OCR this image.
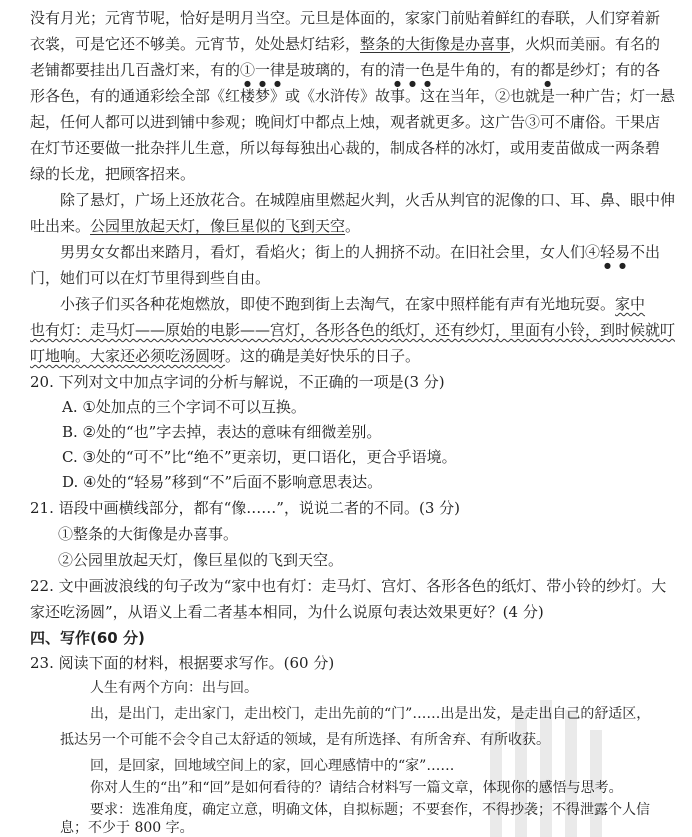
没有月光；元宵节呢，恰好是明月当空。元旦是体面的，家家门前贴着鲜红的春联，人们穿着新
衣裳，可是它还不够美。元宵节，处处悬灯结彩，整条的大街像是办喜事，火炽而美丽。有名的
老铺都要挂出几百盏灯来，有的①一律是玻璃的，有的清一色是牛角的，有的都是纱灯；有的各
形各色，有的通通彩绘全部《红楼梦》或《水浒传》故事。这在当年，②也就是一种广告；灯一悬
起，任何人都可以进到铺中参观；晚间灯中都点上烛，观者就更多。这广告③可不庸俗。干果店
在灯节还要做一批杂拌儿生意，所以每每独出心裁的，制成各样的冰灯，或用麦苗做成一两条碧
绿的长龙，把顾客招来。
除了悬灯，广场上还放花合。在城隍庙里燃起火判，火舌从判官的泥像的口、耳、鼻、眼中伸
吐出来。公园里放起天灯，像巨星似的飞到天空。
男男女女都出来踏月，看灯，看焰火；街上的人拥挤不动。在旧社会里，女人们④轻易不出
门，她们可以在灯节里得到些自由。
小孩子们买各种花炮燃放，即使不跑到街上去淘气，在家中照样能有声有光地玩耍。家中
也有灯：走马灯——原始的电影——宫灯，各形各色的纸灯，还有纱灯，里面有小铃，到时候就叮
叮地响。大家还必须吃汤圆呀。这的确是美好快乐的日子。
20. 下列对文中加点字词的分析与解说，不正确的一项是(3 分)
A. ①处加点的三个字词不可以互换。
B. ②处的“也”字去掉，表达的意味有细微差别。
C. ③处的“可不”比“绝不”更亲切，更口语化，更合乎语境。
D. ④处的“轻易”移到“不”后面不影响意思表达。
21. 语段中画横线部分，都有“像……”，说说二者的不同。(3 分)
①整条的大街像是办喜事。
②公园里放起天灯，像巨星似的飞到天空。
22. 文中画波浪线的句子改为“家中也有灯：走马灯、宫灯、各形各色的纸灯、带小铃的纱灯。大
家还吃汤圆”，从语义上看二者基本相同，为什么说原句表达效果更好？(4 分)
四、写作(60 分)
23. 阅读下面的材料，根据要求写作。(60 分)
人生有两个方向：出与回。
出，是出门，走出家门，走出校门，走出先前的“门”……出是出发，是走出自己的舒适区，
抵达另一个可能不会令自己太舒适的领域，是有所选择、有所舍弃、有所收获。
回，是回家，回地域空间上的家，回心理感情中的“家”……
你对人生的“出”和“回”是如何看待的？请结合材料写一篇文章，体现你的感悟与思考。
要求：选准角度，确定立意，明确文体，自拟标题；不要套作，不得抄袭；不得泄露个人信
息；不少于 800 字。
